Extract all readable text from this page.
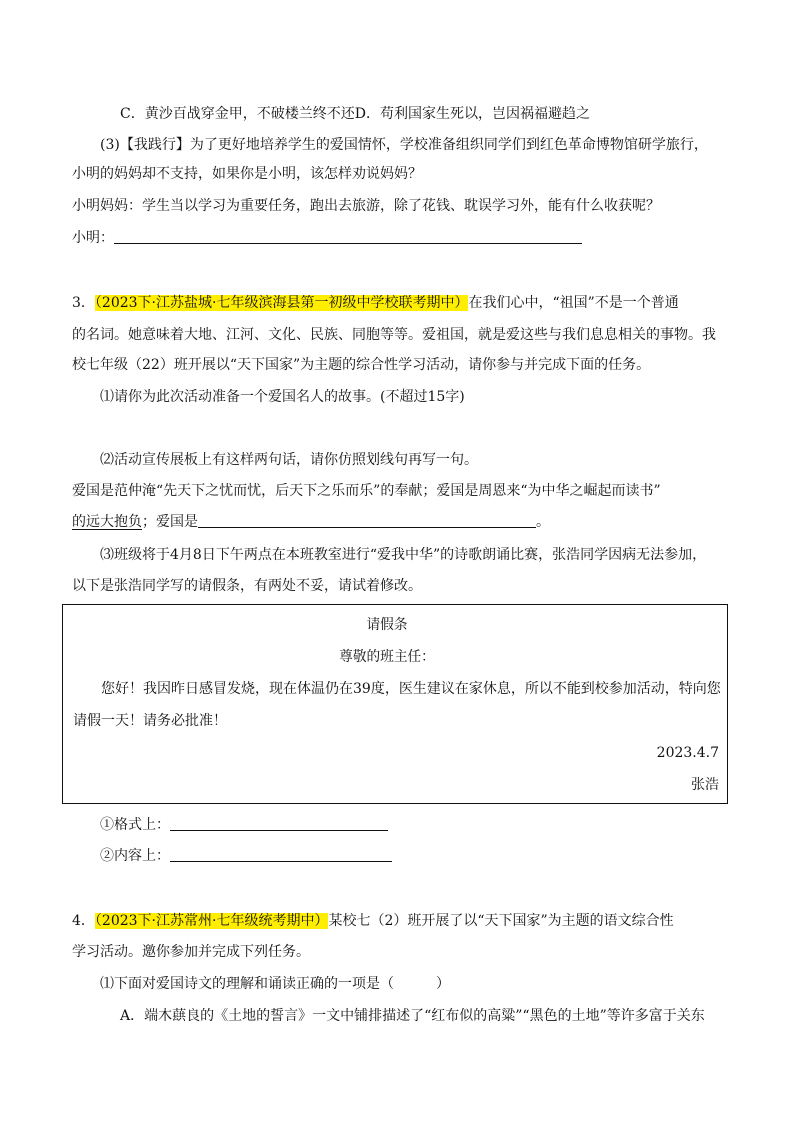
C．黄沙百战穿金甲，不破楼兰终不还D．苟利国家生死以，岂因祸福避趋之
(3)【我践行】为了更好地培养学生的爱国情怀，学校准备组织同学们到红色革命博物馆研学旅行，
小明的妈妈却不支持，如果你是小明，该怎样劝说妈妈？
小明妈妈：学生当以学习为重要任务，跑出去旅游，除了花钱、耽误学习外，能有什么收获呢？
小明：
3．（2023下·江苏盐城·七年级滨海县第一初级中学校联考期中）在我们心中，“祖国”不是一个普通
的名词。她意味着大地、江河、文化、民族、同胞等等。爱祖国，就是爱这些与我们息息相关的事物。我
校七年级（22）班开展以“天下国家”为主题的综合性学习活动，请你参与并完成下面的任务。
⑴请你为此次活动准备一个爱国名人的故事。(不超过15字)
⑵活动宣传展板上有这样两句话，请你仿照划线句再写一句。
爱国是范仲淹“先天下之忧而忧，后天下之乐而乐”的奉献；爱国是周恩来“为中华之崛起而读书”
的远大抱负；爱国是	。
⑶班级将于4月8日下午两点在本班教室进行“爱我中华”的诗歌朗诵比赛，张浩同学因病无法参加，
以下是张浩同学写的请假条，有两处不妥，请试着修改。
请假条
尊敬的班主任：
您好！我因昨日感冒发烧，现在体温仍在39度，医生建议在家休息，所以不能到校参加活动，特向您
请假一天！请务必批准！
2023.4.7
张浩
①格式上：
②内容上：
4．（2023下·江苏常州·七年级统考期中）某校七（2）班开展了以“天下国家”为主题的语文综合性
学习活动。邀你参加并完成下列任务。
⑴下面对爱国诗文的理解和诵读正确的一项是（　　　）
A．端木蕻良的《土地的誓言》一文中铺排描述了“红布似的高粱”“黑色的土地”等许多富于关东
